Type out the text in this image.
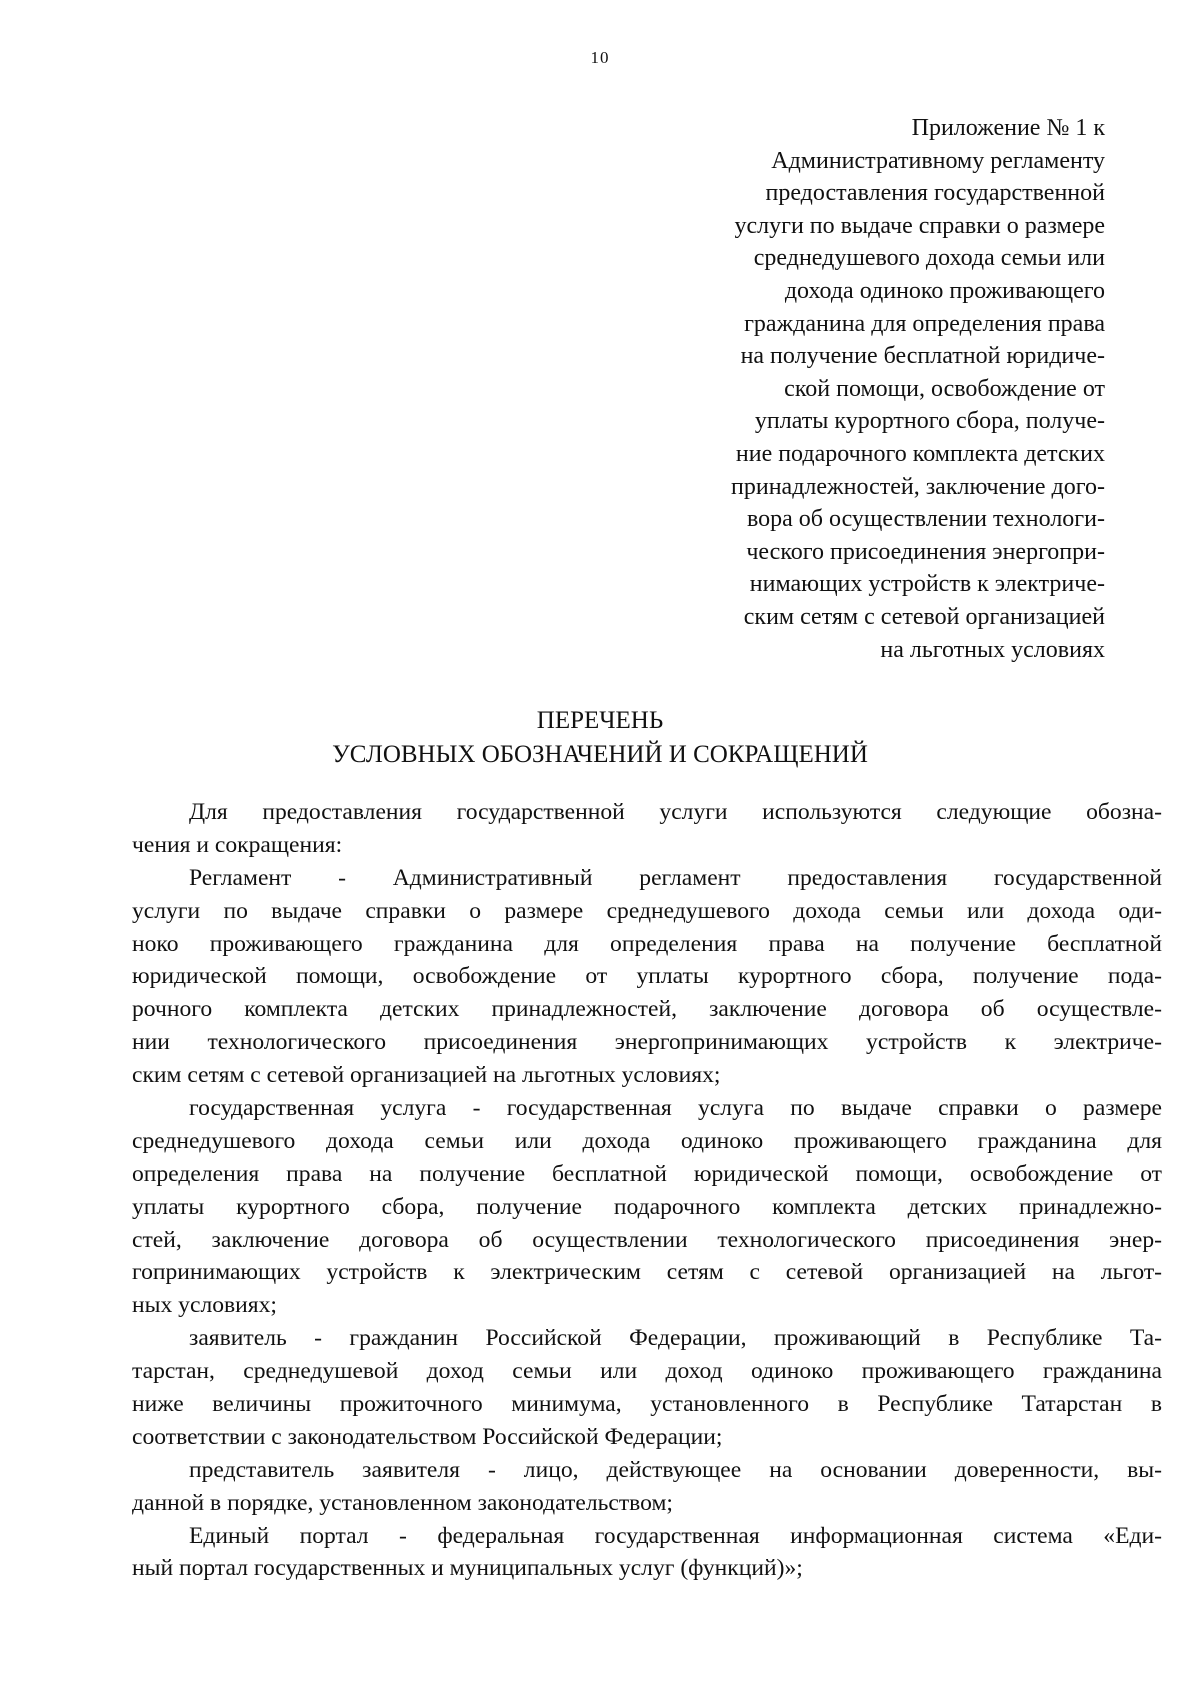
10
Приложение № 1 к
Административному регламенту
предоставления государственной
услуги по выдаче справки о размере
среднедушевого дохода семьи или
дохода одиноко проживающего
гражданина для определения права
на получение бесплатной юридиче-
ской помощи, освобождение от
уплаты курортного сбора, получе-
ние подарочного комплекта детских
принадлежностей, заключение дого-
вора об осуществлении технологи-
ческого присоединения энергопри-
нимающих устройств к электриче-
ским сетям с сетевой организацией
на льготных условиях
ПЕРЕЧЕНЬ
УСЛОВНЫХ ОБОЗНАЧЕНИЙ И СОКРАЩЕНИЙ
Для предоставления государственной услуги используются следующие обозна-
чения и сокращения:
Регламент - Административный регламент предоставления государственной
услуги по выдаче справки о размере среднедушевого дохода семьи или дохода оди-
ноко проживающего гражданина для определения права на получение бесплатной
юридической помощи, освобождение от уплаты курортного сбора, получение пода-
рочного комплекта детских принадлежностей, заключение договора об осуществле-
нии технологического присоединения энергопринимающих устройств к электриче-
ским сетям с сетевой организацией на льготных условиях;
государственная услуга - государственная услуга по выдаче справки о размере
среднедушевого дохода семьи или дохода одиноко проживающего гражданина для
определения права на получение бесплатной юридической помощи, освобождение от
уплаты курортного сбора, получение подарочного комплекта детских принадлежно-
стей, заключение договора об осуществлении технологического присоединения энер-
гопринимающих устройств к электрическим сетям с сетевой организацией на льгот-
ных условиях;
заявитель - гражданин Российской Федерации, проживающий в Республике Та-
тарстан, среднедушевой доход семьи или доход одиноко проживающего гражданина
ниже величины прожиточного минимума, установленного в Республике Татарстан в
соответствии с законодательством Российской Федерации;
представитель заявителя - лицо, действующее на основании доверенности, вы-
данной в порядке, установленном законодательством;
Единый портал - федеральная государственная информационная система «Еди-
ный портал государственных и муниципальных услуг (функций)»;
